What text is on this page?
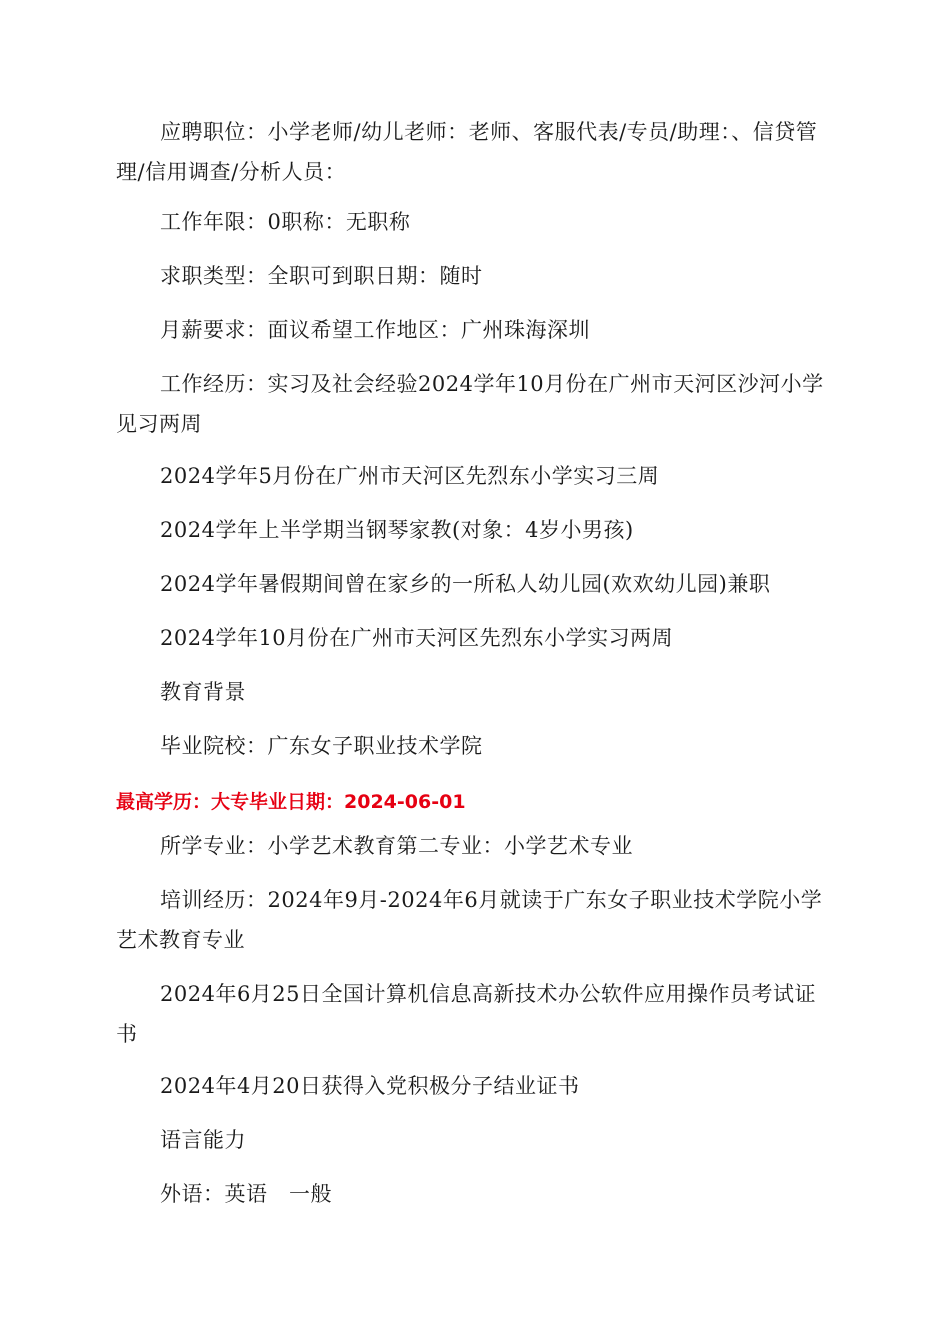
应聘职位：小学老师/幼儿老师：老师、客服代表/专员/助理：、信贷管理/信用调查/分析人员：

工作年限：0职称：无职称

求职类型：全职可到职日期：随时

月薪要求：面议希望工作地区：广州珠海深圳

工作经历：实习及社会经验2024学年10月份在广州市天河区沙河小学见习两周

2024学年5月份在广州市天河区先烈东小学实习三周

2024学年上半学期当钢琴家教(对象：4岁小男孩)

2024学年暑假期间曾在家乡的一所私人幼儿园(欢欢幼儿园)兼职

2024学年10月份在广州市天河区先烈东小学实习两周

教育背景

毕业院校：广东女子职业技术学院

最高学历：大专毕业日期：2024-06-01

所学专业：小学艺术教育第二专业：小学艺术专业

培训经历：2024年9月-2024年6月就读于广东女子职业技术学院小学艺术教育专业

2024年6月25日全国计算机信息高新技术办公软件应用操作员考试证书

2024年4月20日获得入党积极分子结业证书

语言能力

外语：英语　一般
